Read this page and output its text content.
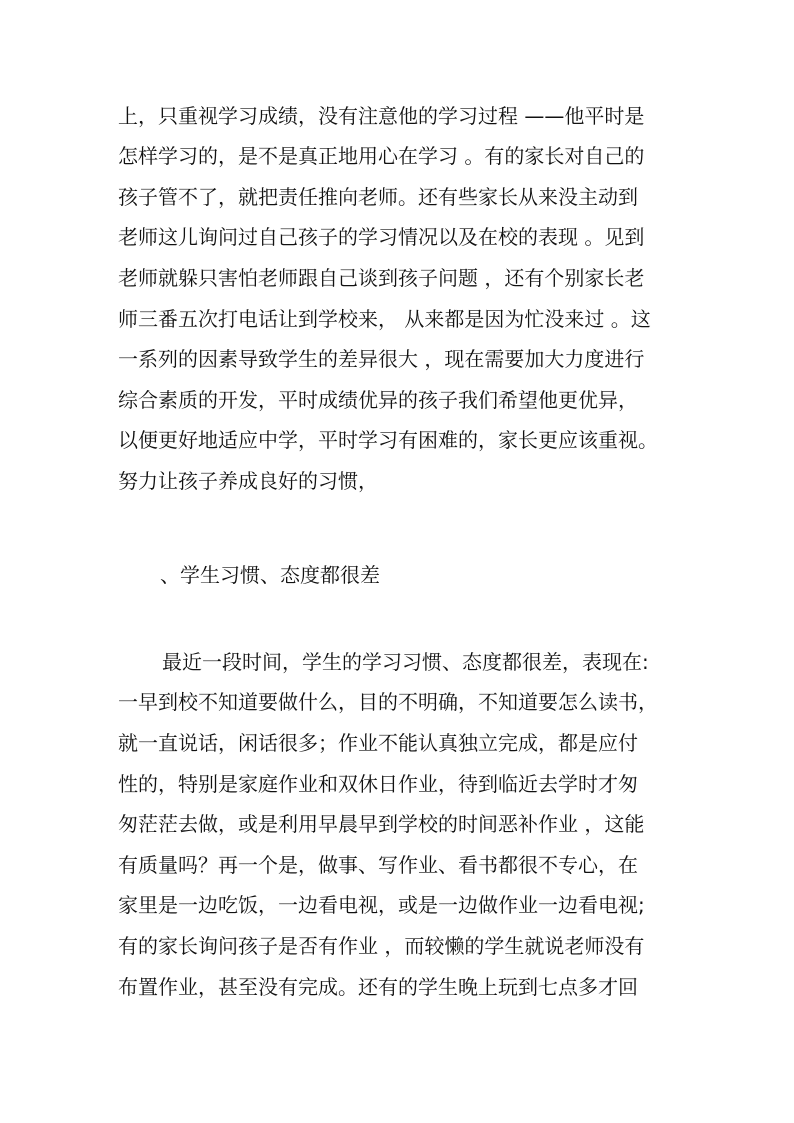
上，只重视学习成绩，没有注意他的学习过程 ——他平时是
怎样学习的，是不是真正地用心在学习 。有的家长对自己的
孩子管不了，就把责任推向老师。还有些家长从来没主动到
老师这儿询问过自己孩子的学习情况以及在校的表现 。见到
老师就躲只害怕老师跟自己谈到孩子问题 ，还有个别家长老
师三番五次打电话让到学校来， 从来都是因为忙没来过 。这
一系列的因素导致学生的差异很大 ，现在需要加大力度进行
综合素质的开发，平时成绩优异的孩子我们希望他更优异，
以便更好地适应中学，平时学习有困难的，家长更应该重视。
努力让孩子养成良好的习惯，
、学生习惯、态度都很差
最近一段时间，学生的学习习惯、态度都很差，表现在:
一早到校不知道要做什么，目的不明确，不知道要怎么读书，
就一直说话，闲话很多；作业不能认真独立完成，都是应付
性的，特别是家庭作业和双休日作业，待到临近去学时才匆
匆茫茫去做，或是利用早晨早到学校的时间恶补作业 ，这能
有质量吗？再一个是，做事、写作业、看书都很不专心，在
家里是一边吃饭，一边看电视，或是一边做作业一边看电视;
有的家长询问孩子是否有作业 ，而较懒的学生就说老师没有
布置作业，甚至没有完成。还有的学生晚上玩到七点多才回
